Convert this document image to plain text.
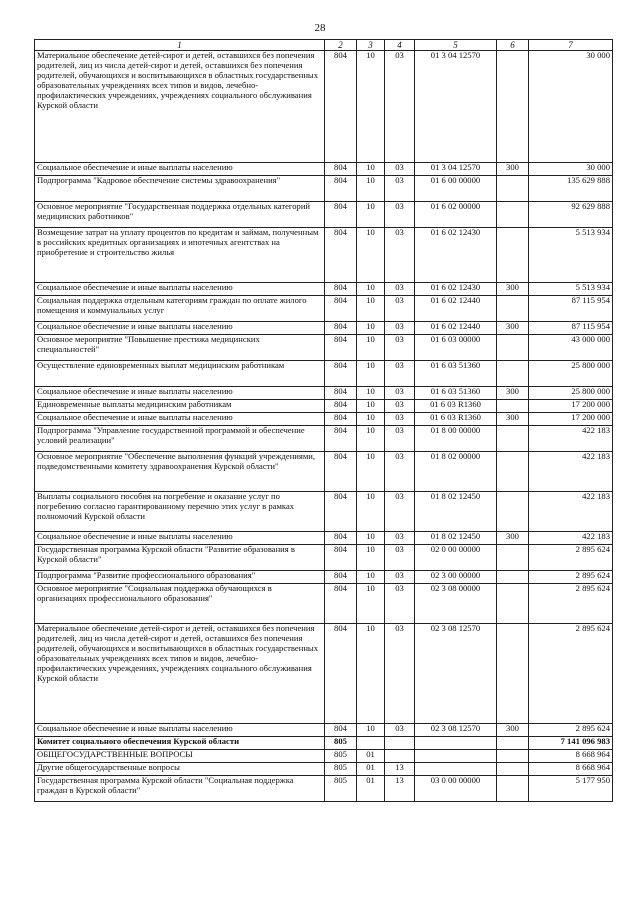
28
1	2	3	4	5	6	7
Материальное обеспечение детей-сирот и детей, оставшихся без попечения родителей, лиц из числа детей-сирот и детей, оставшихся без попечения родителей, обучающихся и воспитывающихся в областных государственных образовательных учреждениях всех типов и видов, лечебно-профилактических учреждениях, учреждениях социального обслуживания Курской области	804	10	03	01 3 04 12570		30 000
Социальное обеспечение и иные выплаты населению	804	10	03	01 3 04 12570	300	30 000
Подпрограмма "Кадровое обеспечение системы здравоохранения"	804	10	03	01 6 00 00000		135 629 888
Основное мероприятие "Государственная поддержка отдельных категорий медицинских работников"	804	10	03	01 6 02 00000		92 629 888
Возмещение затрат на уплату процентов по кредитам и займам, полученным в российских кредитных организациях и ипотечных агентствах на приобретение и строительство жилья	804	10	03	01 6 02 12430		5 513 934
Социальное обеспечение и иные выплаты населению	804	10	03	01 6 02 12430	300	5 513 934
Социальная поддержка отдельным категориям граждан по оплате жилого помещения и коммунальных услуг	804	10	03	01 6 02 12440		87 115 954
Социальное обеспечение и иные выплаты населению	804	10	03	01 6 02 12440	300	87 115 954
Основное мероприятие "Повышение престижа медицинских специальностей"	804	10	03	01 6 03 00000		43 000 000
Осуществление единовременных выплат медицинским работникам	804	10	03	01 6 03 51360		25 800 000
Социальное обеспечение и иные выплаты населению	804	10	03	01 6 03 51360	300	25 800 000
Единовременные выплаты медицинским работникам	804	10	03	01 6 03 R1360		17 200 000
Социальное обеспечение и иные выплаты населению	804	10	03	01 6 03 R1360	300	17 200 000
Подпрограмма "Управление государственной программой и обеспечение условий реализации"	804	10	03	01 8 00 00000		422 183
Основное мероприятие "Обеспечение выполнения функций учреждениями, подведомственными комитету здравоохранения Курской области"	804	10	03	01 8 02 00000		422 183
Выплаты социального пособия на погребение и оказание услуг по погребению согласно гарантированному перечню этих услуг в рамках полномочий Курской области	804	10	03	01 8 02 12450		422 183
Социальное обеспечение и иные выплаты населению	804	10	03	01 8 02 12450	300	422 183
Государственная программа Курской области "Развитие образования в Курской области"	804	10	03	02 0 00 00000		2 895 624
Подпрограмма "Развитие профессионального образования"	804	10	03	02 3 00 00000		2 895 624
Основное мероприятие "Социальная поддержка обучающихся в организациях профессионального образования"	804	10	03	02 3 08 00000		2 895 624
Материальное обеспечение детей-сирот и детей, оставшихся без попечения родителей, лиц из числа детей-сирот и детей, оставшихся без попечения родителей, обучающихся и воспитывающихся в областных государственных образовательных учреждениях всех типов и видов, лечебно-профилактических учреждениях, учреждениях социального обслуживания Курской области	804	10	03	02 3 08 12570		2 895 624
Социальное обеспечение и иные выплаты населению	804	10	03	02 3 08 12570	300	2 895 624
Комитет социального обеспечения Курской области	805					7 141 096 983
ОБЩЕГОСУДАРСТВЕННЫЕ ВОПРОСЫ	805	01				8 668 964
Другие общегосударственные вопросы	805	01	13			8 668 964
Государственная программа Курской области "Социальная поддержка граждан в Курской области"	805	01	13	03 0 00 00000		5 177 950
